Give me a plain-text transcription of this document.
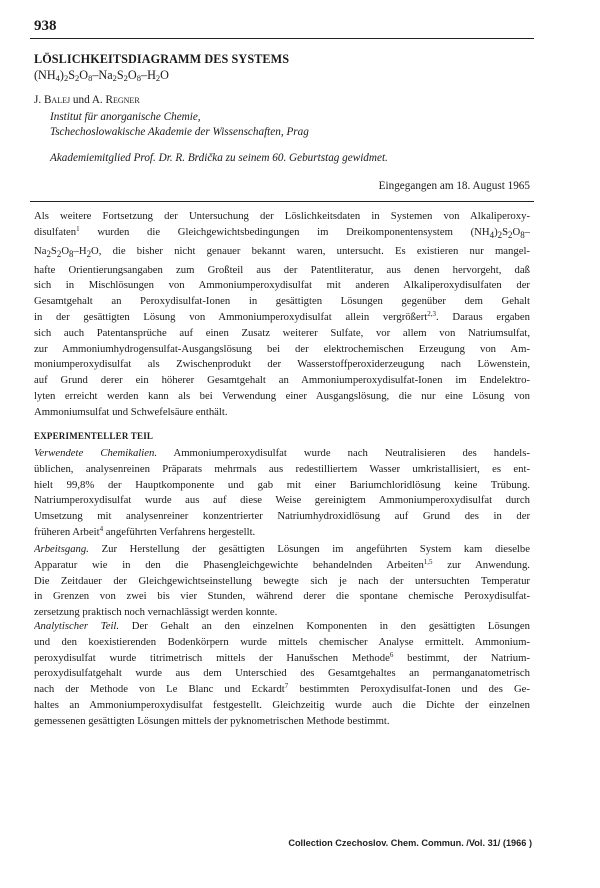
938
LÖSLICHKEITSDIAGRAMM DES SYSTEMS
$(NH_4)_2S_2O_8-Na_2S_2O_8-H_2O$
J. Balej und A. Regner
Institut für anorganische Chemie,
Tschechoslowakische Akademie der Wissenschaften, Prag
Akademiemitglied Prof. Dr. R. Brdička zu seinem 60. Geburtstag gewidmet.
Eingegangen am 18. August 1965
Als weitere Fortsetzung der Untersuchung der Löslichkeitsdaten in Systemen von Alkaliperoxy-
disulfaten$^1$ wurden die Gleichgewichtsbedingungen im Dreikomponentensystem $(NH_4)_2S_2O_8-$
$Na_2S_2O_8-H_2O$, die bisher nicht genauer bekannt waren, untersucht. Es existieren nur mangel-
hafte Orientierungsangaben zum Großteil aus der Patentliteratur, aus denen hervorgeht, daß
sich in Mischlösungen von Ammoniumperoxydisulfat mit anderen Alkaliperoxydisulfaten der
Gesamtgehalt an Peroxydisulfat-Ionen in gesättigten Lösungen gegenüber dem Gehalt
in der gesättigten Lösung von Ammoniumperoxydisulfat allein vergrößert$^{2,3}$. Daraus ergaben
sich auch Patentansprüche auf einen Zusatz weiterer Sulfate, vor allem von Natriumsulfat,
zur Ammoniumhydrogensulfat-Ausgangslösung bei der elektrochemischen Erzeugung von Am-
moniumperoxydisulfat als Zwischenprodukt der Wasserstoffperoxiderzeugung nach Löwenstein,
auf Grund derer ein höherer Gesamtgehalt an Ammoniumperoxydisulfat-Ionen im Endelektro-
lyten erreicht werden kann als bei Verwendung einer Ausgangslösung, die nur eine Lösung von
Ammoniumsulfat und Schwefelsäure enthält.
EXPERIMENTELLER TEIL
Verwendete Chemikalien. Ammoniumperoxydisulfat wurde nach Neutralisieren des handels-
üblichen, analysenreinen Präparats mehrmals aus redestilliertem Wasser umkristallisiert, es ent-
hielt 99,8% der Hauptkomponente und gab mit einer Bariumchloridlösung keine Trübung.
Natriumperoxydisulfat wurde aus auf diese Weise gereinigtem Ammoniumperoxydisulfat durch
Umsetzung mit analysenreiner konzentrierter Natriumhydroxidlösung auf Grund des in der
früheren Arbeit$^4$ angeführten Verfahrens hergestellt.
Arbeitsgang. Zur Herstellung der gesättigten Lösungen im angeführten System kam dieselbe
Apparatur wie in den die Phasengleichgewichte behandelnden Arbeiten$^{1,5}$ zur Anwendung.
Die Zeitdauer der Gleichgewichtseinstellung bewegte sich je nach der untersuchten Temperatur
in Grenzen von zwei bis vier Stunden, während derer die spontane chemische Peroxydisulfat-
zersetzung praktisch noch vernachlässigt werden konnte.
Analytischer Teil. Der Gehalt an den einzelnen Komponenten in den gesättigten Lösungen
und den koexistierenden Bodenkörpern wurde mittels chemischer Analyse ermittelt. Ammonium-
peroxydisulfat wurde titrimetrisch mittels der Hanušschen Methode$^6$ bestimmt, der Natrium-
peroxydisulfatgehalt wurde aus dem Unterschied des Gesamtgehaltes an permanganatometrisch
nach der Methode von Le Blanc und Eckardt$^7$ bestimmten Peroxydisulfat-Ionen und des Ge-
haltes an Ammoniumperoxydisulfat festgestellt. Gleichzeitig wurde auch die Dichte der einzelnen
gemessenen gesättigten Lösungen mittels der pyknometrischen Methode bestimmt.
Collection Czechoslov. Chem. Commun. /Vol. 31/ (1966 )
